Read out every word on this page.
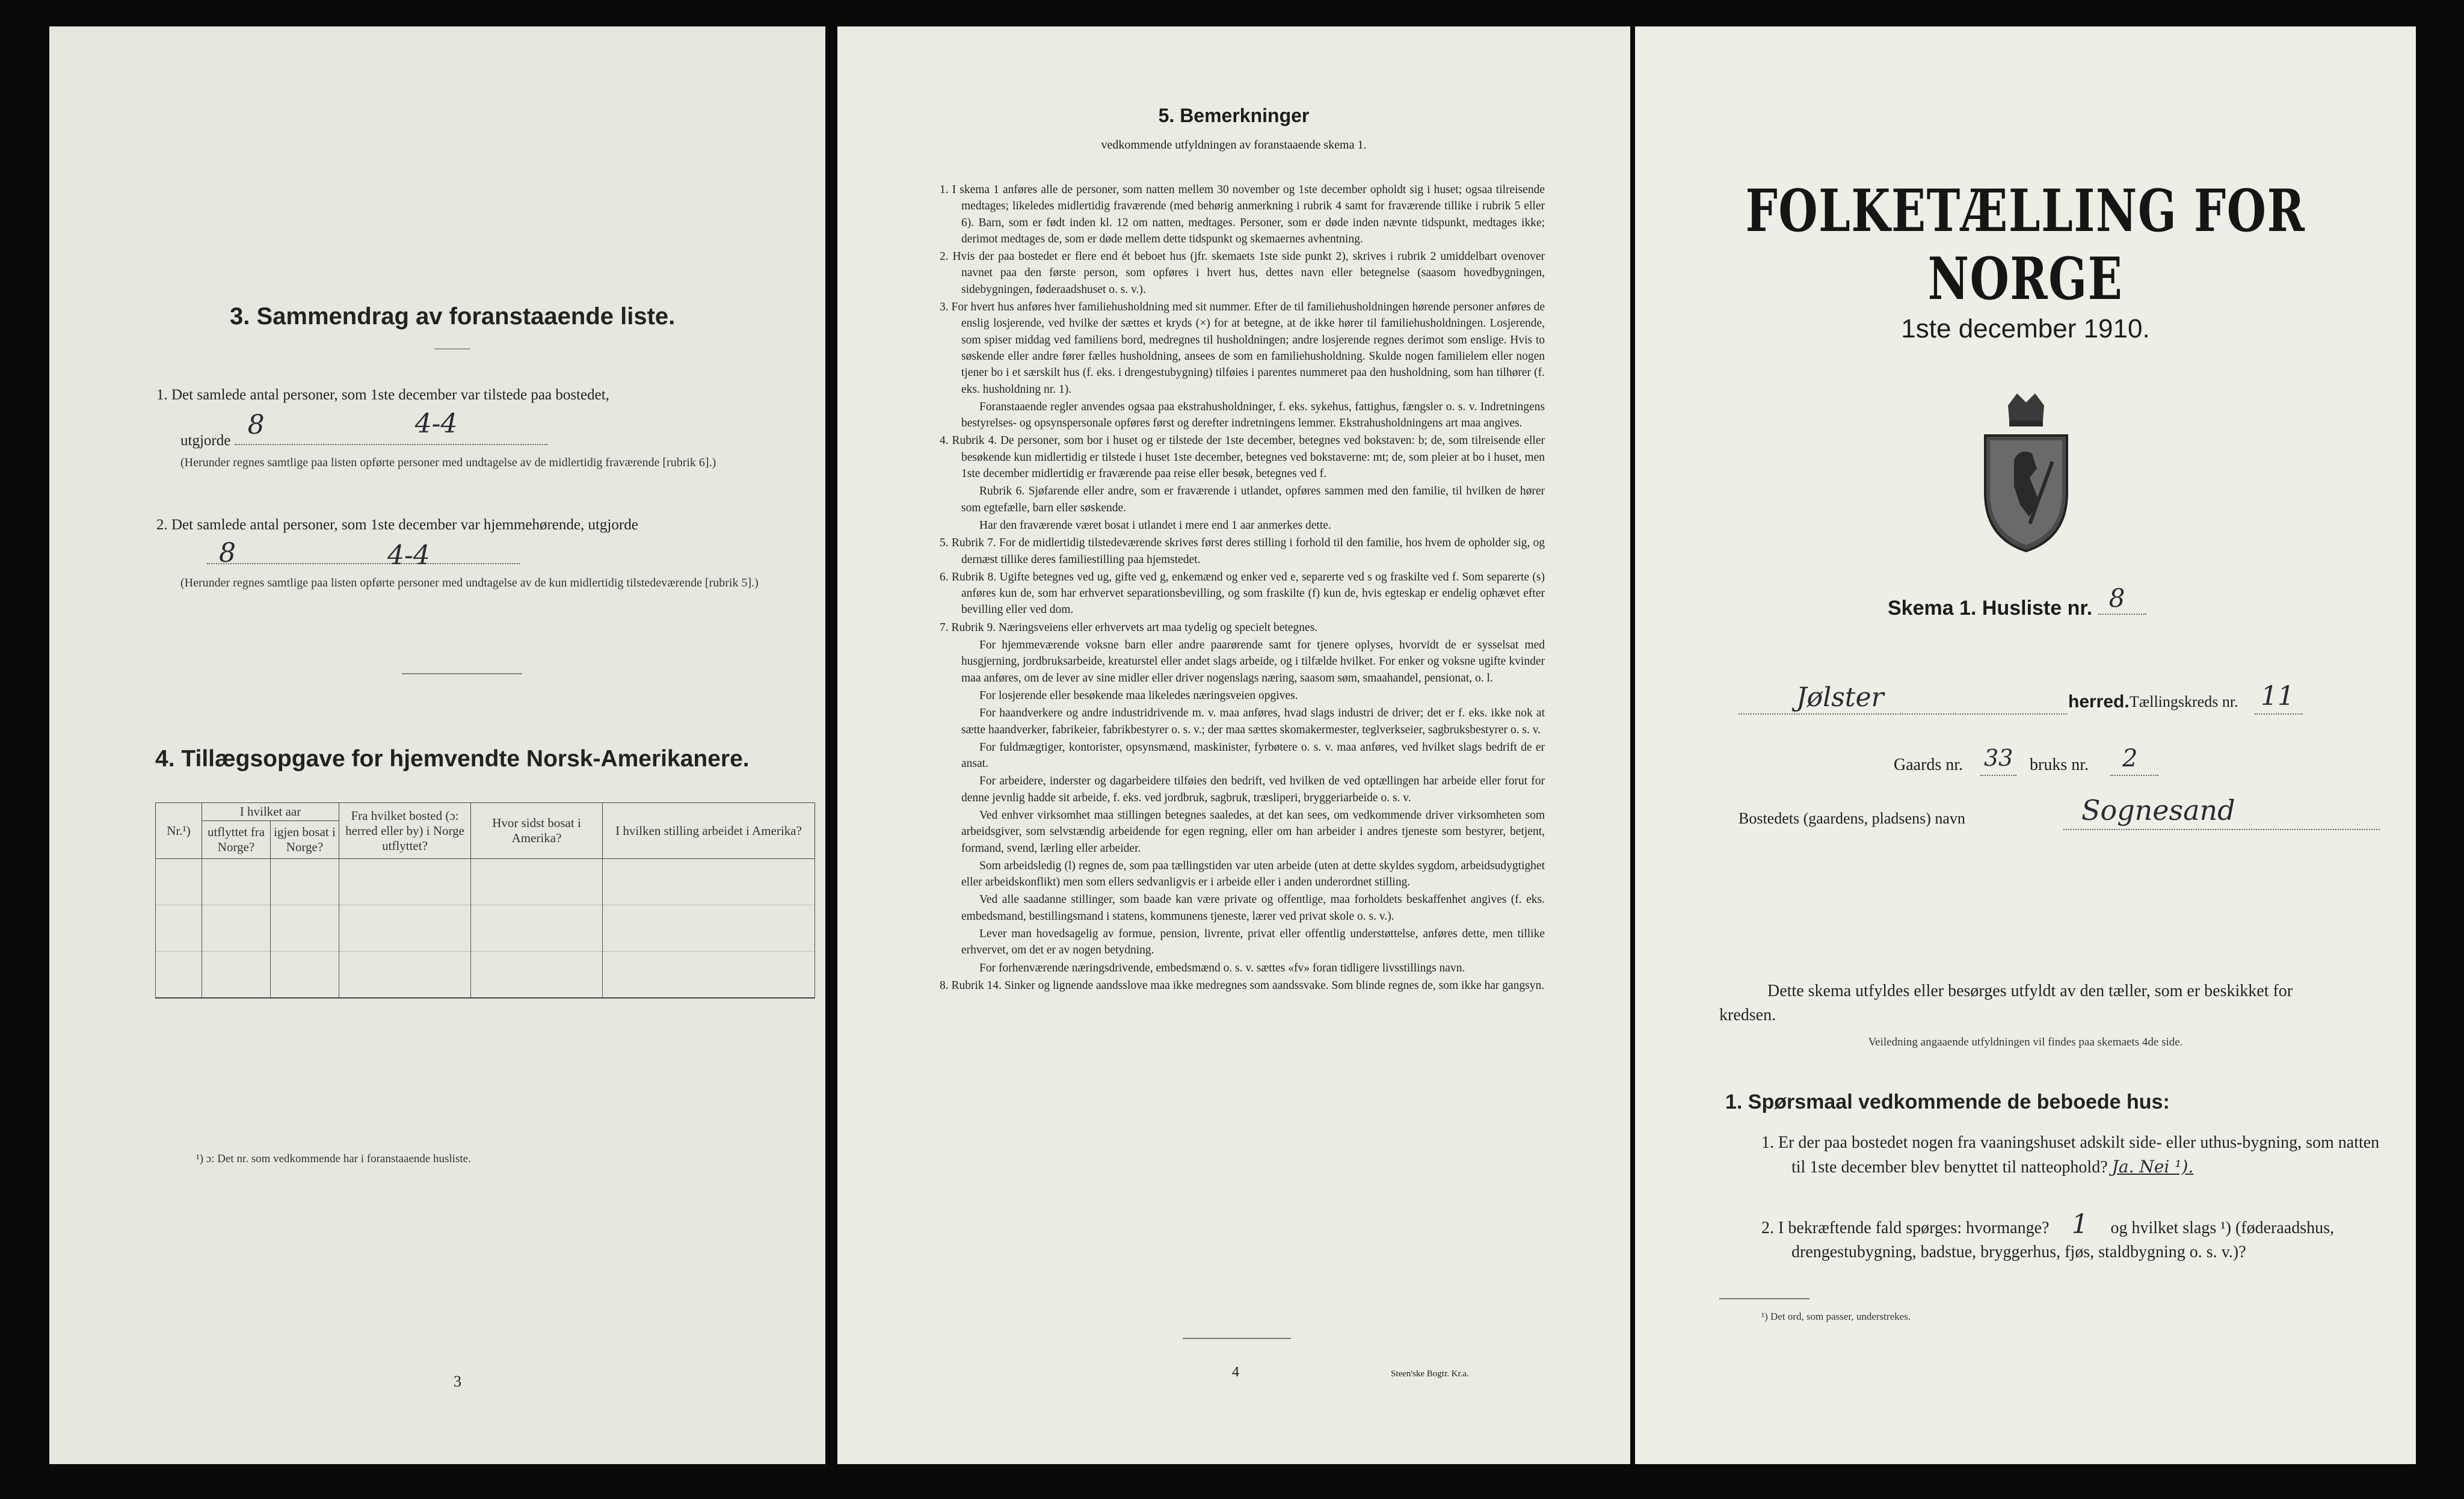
3. Sammendrag av foranstaaende liste.
1. Det samlede antal personer, som 1ste december var tilstede paa bostedet,
utgjorde
8	4-4
(Herunder regnes samtlige paa listen opførte personer med undtagelse av de midlertidig fraværende [rubrik 6].)
2. Det samlede antal personer, som 1ste december var hjemmehørende, utgjorde
8	4-4
(Herunder regnes samtlige paa listen opførte personer med undtagelse av de kun midlertidig tilstedeværende [rubrik 5].)
4. Tillægsopgave for hjemvendte Norsk-Amerikanere.
Nr.¹)	I hvilket aar		Fra hvilket bosted (ɔ: herred eller by) i Norge utflyttet?	Hvor sidst bosat i Amerika?	I hvilken stilling arbeidet i Amerika?
	utflyttet fra Norge?	igjen bosat i Norge?			

¹) ɔ: Det nr. som vedkommende har i foranstaaende husliste.
3
5. Bemerkninger
vedkommende utfyldningen av foranstaaende skema 1.

1. I skema 1 anføres alle de personer, som natten mellem 30 november og 1ste december opholdt sig i huset; ogsaa tilreisende medtages; likeledes midlertidig fraværende (med behørig anmerkning i rubrik 4 samt for fraværende tillike i rubrik 5 eller 6). Barn, som er født inden kl. 12 om natten, medtages. Personer, som er døde inden nævnte tidspunkt, medtages ikke; derimot medtages de, som er døde mellem dette tidspunkt og skemaernes avhentning.

2. Hvis der paa bostedet er flere end ét beboet hus (jfr. skemaets 1ste side punkt 2), skrives i rubrik 2 umiddelbart ovenover navnet paa den første person, som opføres i hvert hus, dettes navn eller betegnelse (saasom hovedbygningen, sidebygningen, føderaadshuset o. s. v.).

3. For hvert hus anføres hver familiehusholdning med sit nummer. Efter de til familiehusholdningen hørende personer anføres de enslig losjerende, ved hvilke der sættes et kryds (×) for at betegne, at de ikke hører til familiehusholdningen. Losjerende, som spiser middag ved familiens bord, medregnes til husholdningen; andre losjerende regnes derimot som enslige. Hvis to søskende eller andre fører fælles husholdning, ansees de som en familiehusholdning. Skulde nogen familielem eller nogen tjener bo i et særskilt hus (f. eks. i drengestubygning) tilføies i parentes nummeret paa den husholdning, som han tilhører (f. eks. husholdning nr. 1).

Foranstaaende regler anvendes ogsaa paa ekstrahusholdninger, f. eks. sykehus, fattighus, fængsler o. s. v. Indretningens bestyrelses- og opsynspersonale opføres først og derefter indretningens lemmer. Ekstrahusholdningens art maa angives.

4. Rubrik 4. De personer, som bor i huset og er tilstede der 1ste december, betegnes ved bokstaven: b; de, som tilreisende eller besøkende kun midlertidig er tilstede i huset 1ste december, betegnes ved bokstaverne: mt; de, som pleier at bo i huset, men 1ste december midlertidig er fraværende paa reise eller besøk, betegnes ved f.

Rubrik 6. Sjøfarende eller andre, som er fraværende i utlandet, opføres sammen med den familie, til hvilken de hører som egtefælle, barn eller søskende.

Har den fraværende været bosat i utlandet i mere end 1 aar anmerkes dette.

5. Rubrik 7. For de midlertidig tilstedeværende skrives først deres stilling i forhold til den familie, hos hvem de opholder sig, og dernæst tillike deres familiestilling paa hjemstedet.

6. Rubrik 8. Ugifte betegnes ved ug, gifte ved g, enkemænd og enker ved e, separerte ved s og fraskilte ved f. Som separerte (s) anføres kun de, som har erhvervet separationsbevilling, og som fraskilte (f) kun de, hvis egteskap er endelig ophævet efter bevilling eller ved dom.

7. Rubrik 9. Næringsveiens eller erhvervets art maa tydelig og specielt betegnes.

For hjemmeværende voksne barn eller andre paarørende samt for tjenere oplyses, hvorvidt de er sysselsat med husgjerning, jordbruksarbeide, kreaturstel eller andet slags arbeide, og i tilfælde hvilket. For enker og voksne ugifte kvinder maa anføres, om de lever av sine midler eller driver nogenslags næring, saasom søm, smaahandel, pensionat, o. l.

For losjerende eller besøkende maa likeledes næringsveien opgives.

For haandverkere og andre industridrivende m. v. maa anføres, hvad slags industri de driver; det er f. eks. ikke nok at sætte haandverker, fabrikeier, fabrikbestyrer o. s. v.; der maa sættes skomakermester, teglverkseier, sagbruksbestyrer o. s. v.

For fuldmægtiger, kontorister, opsynsmænd, maskinister, fyrbøtere o. s. v. maa anføres, ved hvilket slags bedrift de er ansat.

For arbeidere, inderster og dagarbeidere tilføies den bedrift, ved hvilken de ved optællingen har arbeide eller forut for denne jevnlig hadde sit arbeide, f. eks. ved jordbruk, sagbruk, træsliperi, bryggeriarbeide o. s. v.

Ved enhver virksomhet maa stillingen betegnes saaledes, at det kan sees, om vedkommende driver virksomheten som arbeidsgiver, som selvstændig arbeidende for egen regning, eller om han arbeider i andres tjeneste som bestyrer, betjent, formand, svend, lærling eller arbeider.

Som arbeidsledig (l) regnes de, som paa tællingstiden var uten arbeide (uten at dette skyldes sygdom, arbeidsudygtighet eller arbeidskonflikt) men som ellers sedvanligvis er i arbeide eller i anden underordnet stilling.

Ved alle saadanne stillinger, som baade kan være private og offentlige, maa forholdets beskaffenhet angives (f. eks. embedsmand, bestillingsmand i statens, kommunens tjeneste, lærer ved privat skole o. s. v.).

Lever man hovedsagelig av formue, pension, livrente, privat eller offentlig understøttelse, anføres dette, men tillike erhvervet, om det er av nogen betydning.

For forhenværende næringsdrivende, embedsmænd o. s. v. sættes «fv» foran tidligere livsstillings navn.

8. Rubrik 14. Sinker og lignende aandsslove maa ikke medregnes som aandssvake. Som blinde regnes de, som ikke har gangsyn.

4	Steen'ske Bogtr. Kr.a.
FOLKETÆLLING FOR NORGE
1ste december 1910.
Skema 1. Husliste nr. 8
Jølster	herred. Tællingskreds nr. 11
Gaards nr. 33 bruks nr. 2
Bostedets (gaardens, pladsens) navn	Sognesand
Dette skema utfyldes eller besørges utfyldt av den tæller, som er beskikket for kredsen.
Veiledning angaaende utfyldningen vil findes paa skemaets 4de side.
1. Spørsmaal vedkommende de beboede hus:
1. Er der paa bostedet nogen fra vaaningshuset adskilt side- eller uthus-bygning, som natten til 1ste december blev benyttet til natteophold? Ja. Nei ¹).
2. I bekræftende fald spørges: hvormange? 1 og hvilket slags ¹) (føderaadshus, drengestubygning, badstue, bryggerhus, fjøs, staldbygning o. s. v.)?
¹) Det ord, som passer, understrekes.
